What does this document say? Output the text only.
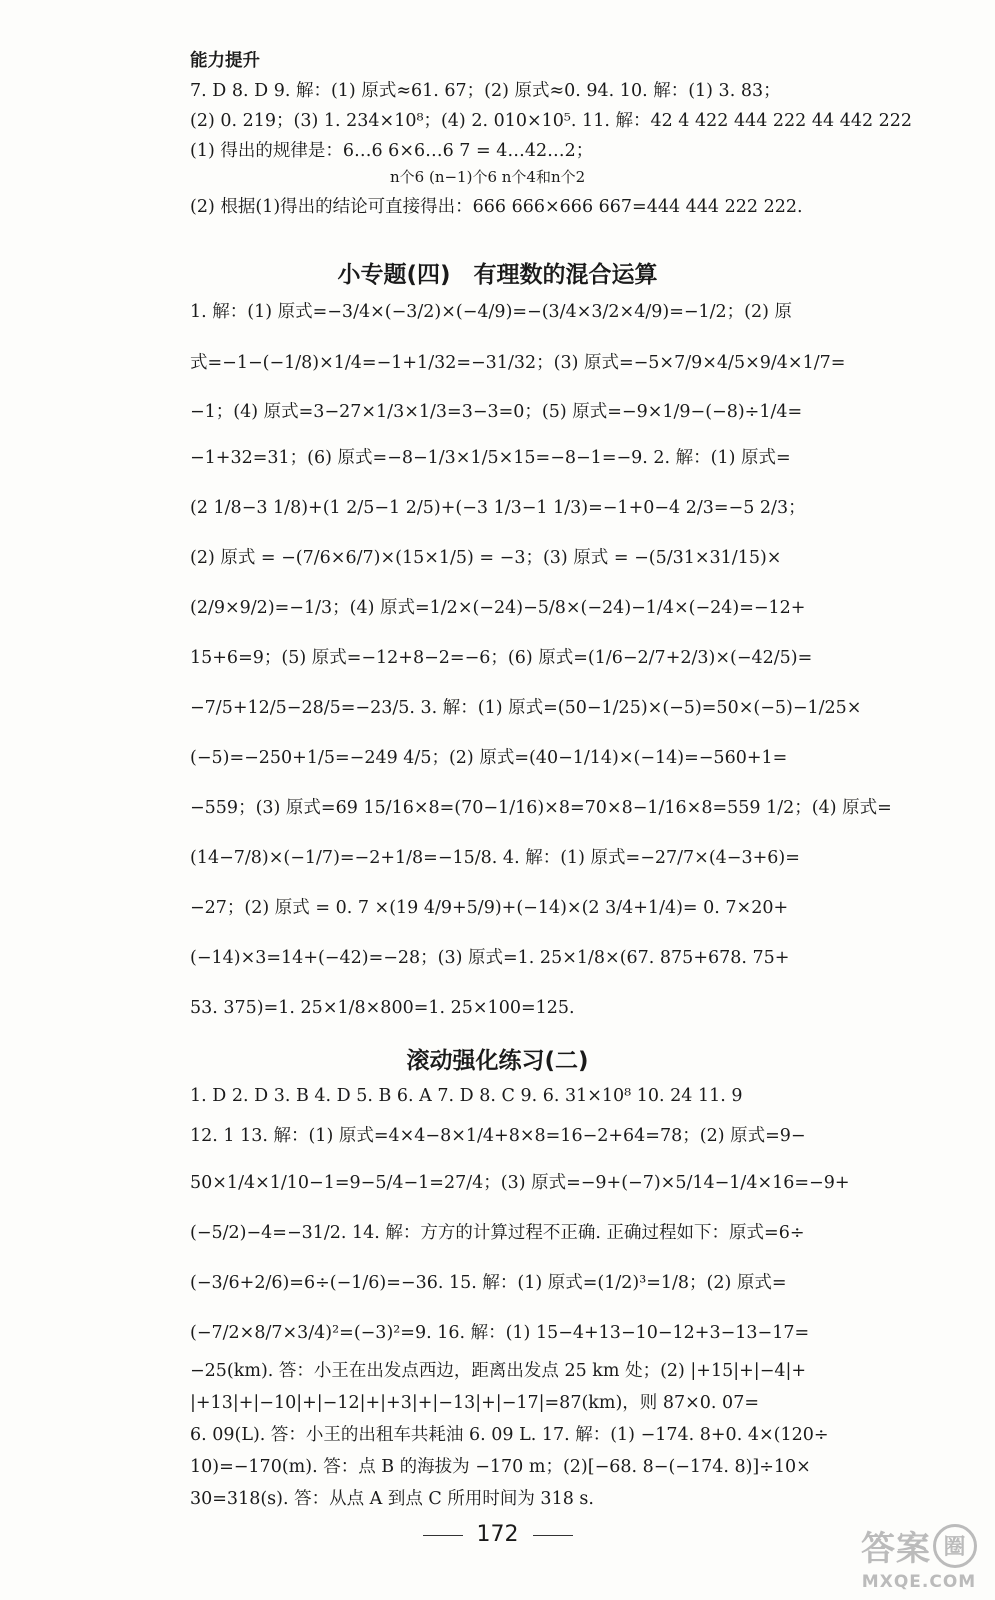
能力提升
7. D 8. D 9. 解：(1) 原式≈61. 67；(2) 原式≈0. 94. 10. 解：(1) 3. 83；
(2) 0. 219；(3) 1. 234×10⁸；(4) 2. 010×10⁵. 11. 解：42 4 422 444 222 44 442 222
(1) 得出的规律是：6…6 6×6…6 7 = 4…42…2；
n个6 (n−1)个6 n个4和n个2
(2) 根据(1)得出的结论可直接得出：666 666×666 667=444 444 222 222.
小专题(四)　有理数的混合运算
1. 解：(1) 原式=−3/4×(−3/2)×(−4/9)=−(3/4×3/2×4/9)=−1/2；(2) 原
式=−1−(−1/8)×1/4=−1+1/32=−31/32；(3) 原式=−5×7/9×4/5×9/4×1/7=
−1；(4) 原式=3−27×1/3×1/3=3−3=0；(5) 原式=−9×1/9−(−8)÷1/4=
−1+32=31；(6) 原式=−8−1/3×1/5×15=−8−1=−9. 2. 解：(1) 原式=
(2 1/8−3 1/8)+(1 2/5−1 2/5)+(−3 1/3−1 1/3)=−1+0−4 2/3=−5 2/3；
(2) 原式 = −(7/6×6/7)×(15×1/5) = −3；(3) 原式 = −(5/31×31/15)×
(2/9×9/2)=−1/3；(4) 原式=1/2×(−24)−5/8×(−24)−1/4×(−24)=−12+
15+6=9；(5) 原式=−12+8−2=−6；(6) 原式=(1/6−2/7+2/3)×(−42/5)=
−7/5+12/5−28/5=−23/5. 3. 解：(1) 原式=(50−1/25)×(−5)=50×(−5)−1/25×
(−5)=−250+1/5=−249 4/5；(2) 原式=(40−1/14)×(−14)=−560+1=
−559；(3) 原式=69 15/16×8=(70−1/16)×8=70×8−1/16×8=559 1/2；(4) 原式=
(14−7/8)×(−1/7)=−2+1/8=−15/8. 4. 解：(1) 原式=−27/7×(4−3+6)=
−27；(2) 原式 = 0. 7 ×(19 4/9+5/9)+(−14)×(2 3/4+1/4)= 0. 7×20+
(−14)×3=14+(−42)=−28；(3) 原式=1. 25×1/8×(67. 875+678. 75+
53. 375)=1. 25×1/8×800=1. 25×100=125.
滚动强化练习(二)
1. D 2. D 3. B 4. D 5. B 6. A 7. D 8. C 9. 6. 31×10⁸ 10. 24 11. 9
12. 1 13. 解：(1) 原式=4×4−8×1/4+8×8=16−2+64=78；(2) 原式=9−
50×1/4×1/10−1=9−5/4−1=27/4；(3) 原式=−9+(−7)×5/14−1/4×16=−9+
(−5/2)−4=−31/2. 14. 解：方方的计算过程不正确. 正确过程如下：原式=6÷
(−3/6+2/6)=6÷(−1/6)=−36. 15. 解：(1) 原式=(1/2)³=1/8；(2) 原式=
(−7/2×8/7×3/4)²=(−3)²=9. 16. 解：(1) 15−4+13−10−12+3−13−17=
−25(km). 答：小王在出发点西边，距离出发点 25 km 处；(2) |+15|+|−4|+
|+13|+|−10|+|−12|+|+3|+|−13|+|−17|=87(km)，则 87×0. 07=
6. 09(L). 答：小王的出租车共耗油 6. 09 L. 17. 解：(1) −174. 8+0. 4×(120÷
10)=−170(m). 答：点 B 的海拔为 −170 m；(2)[−68. 8−(−174. 8)]÷10×
30=318(s). 答：从点 A 到点 C 所用时间为 318 s.
172	答案 圈
MXQE.COM
